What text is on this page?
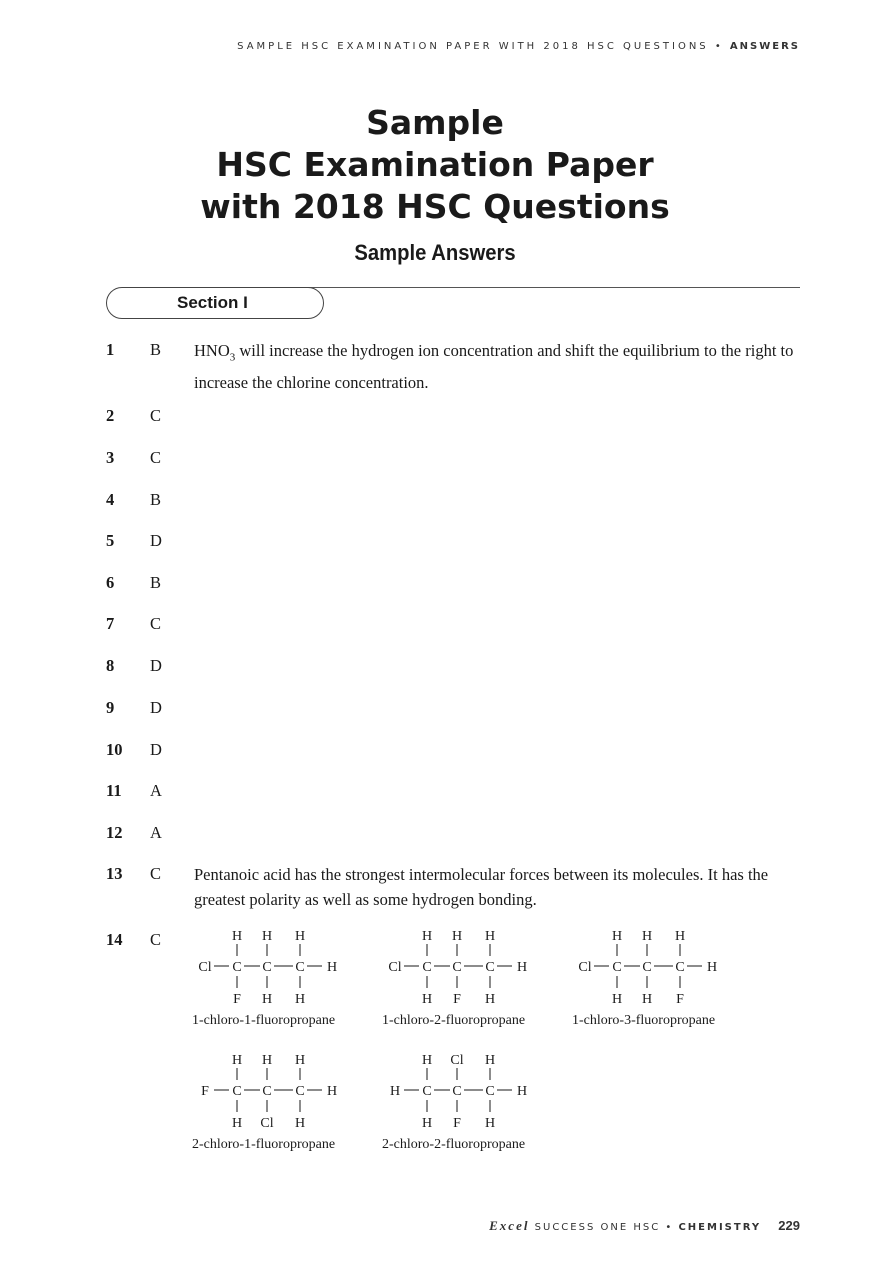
SAMPLE HSC EXAMINATION PAPER WITH 2018 HSC QUESTIONS • ANSWERS
Sample
HSC Examination Paper
with 2018 HSC Questions
Sample Answers
Section I
Cl
H
C
F
H
C
H
H
C
H
H
1-chloro-1-fluoropropane
Cl
H
C
H
H
C
F
H
C
H
H
1-chloro-2-fluoropropane
Cl
H
C
H
H
C
H
H
C
F
H
1-chloro-3-fluoropropane
F
H
C
H
H
C
Cl
H
C
H
H
2-chloro-1-fluoropropane
H
H
C
H
Cl
C
F
H
C
H
H
2-chloro-2-fluoropropane
Excel SUCCESS ONE HSC • CHEMISTRY 229
1 B $HNO_3$ will increase the hydrogen ion concentration and shift the equilibrium to the right to increase the chlorine concentration.
2 C
3 C
4 B
5 D
6 B
7 C
8 D
9 D
10 D
11 A
12 A
13 C Pentanoic acid has the strongest intermolecular forces between its molecules. It has the greatest polarity as well as some hydrogen bonding.
14 C
